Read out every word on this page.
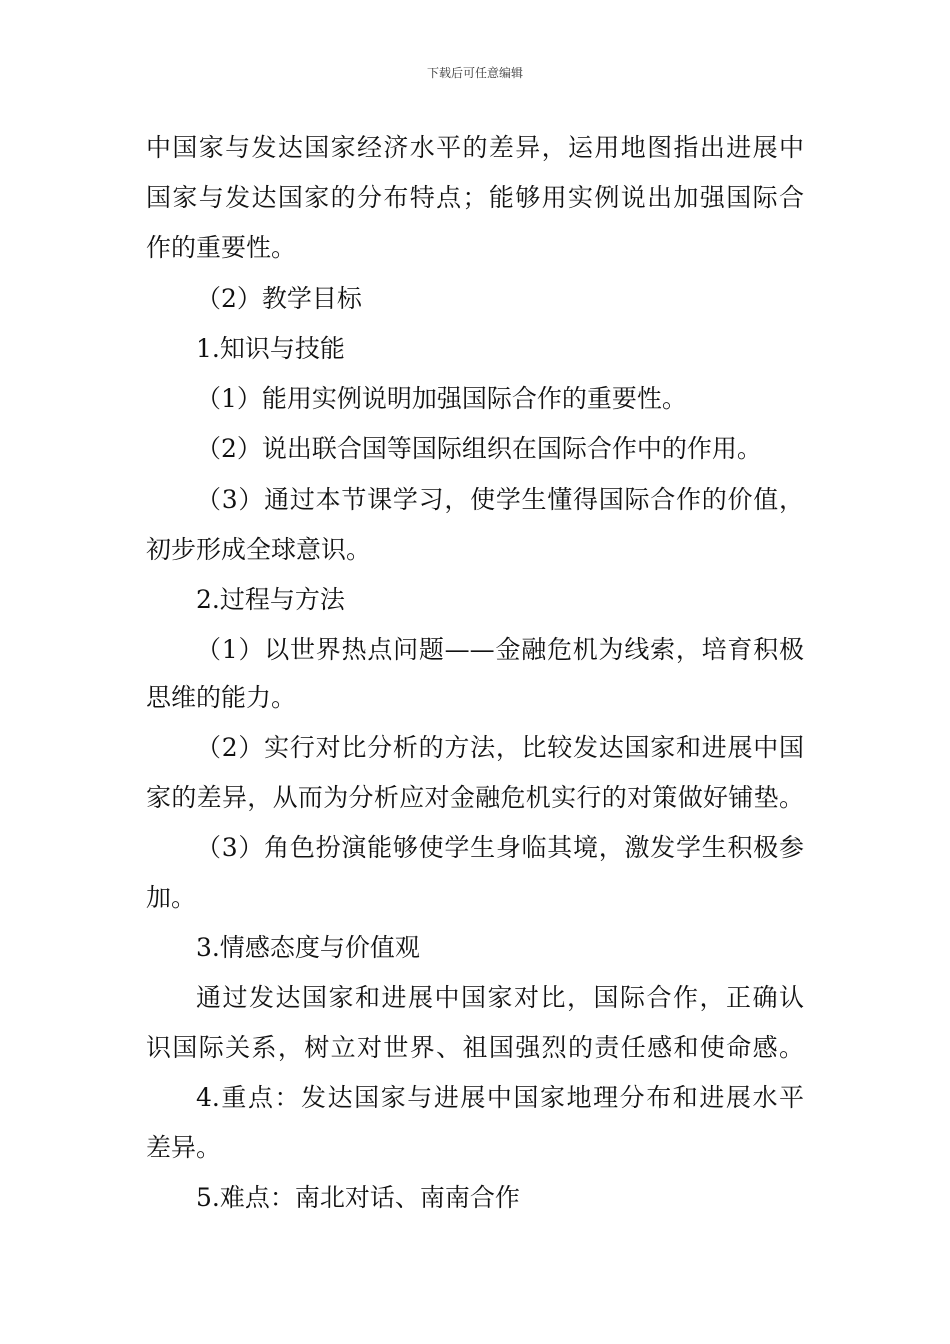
下载后可任意编辑
中国家与发达国家经济水平的差异，运用地图指出进展中
国家与发达国家的分布特点；能够用实例说出加强国际合
作的重要性。
（2）教学目标
1.知识与技能
（1）能用实例说明加强国际合作的重要性。
（2）说出联合国等国际组织在国际合作中的作用。
（3）通过本节课学习，使学生懂得国际合作的价值，
初步形成全球意识。
2.过程与方法
（1）以世界热点问题——金融危机为线索，培育积极
思维的能力。
（2）实行对比分析的方法，比较发达国家和进展中国
家的差异，从而为分析应对金融危机实行的对策做好铺垫。
（3）角色扮演能够使学生身临其境，激发学生积极参
加。
3.情感态度与价值观
通过发达国家和进展中国家对比，国际合作，正确认
识国际关系，树立对世界、祖国强烈的责任感和使命感。
4.重点：发达国家与进展中国家地理分布和进展水平
差异。
5.难点：南北对话、南南合作
